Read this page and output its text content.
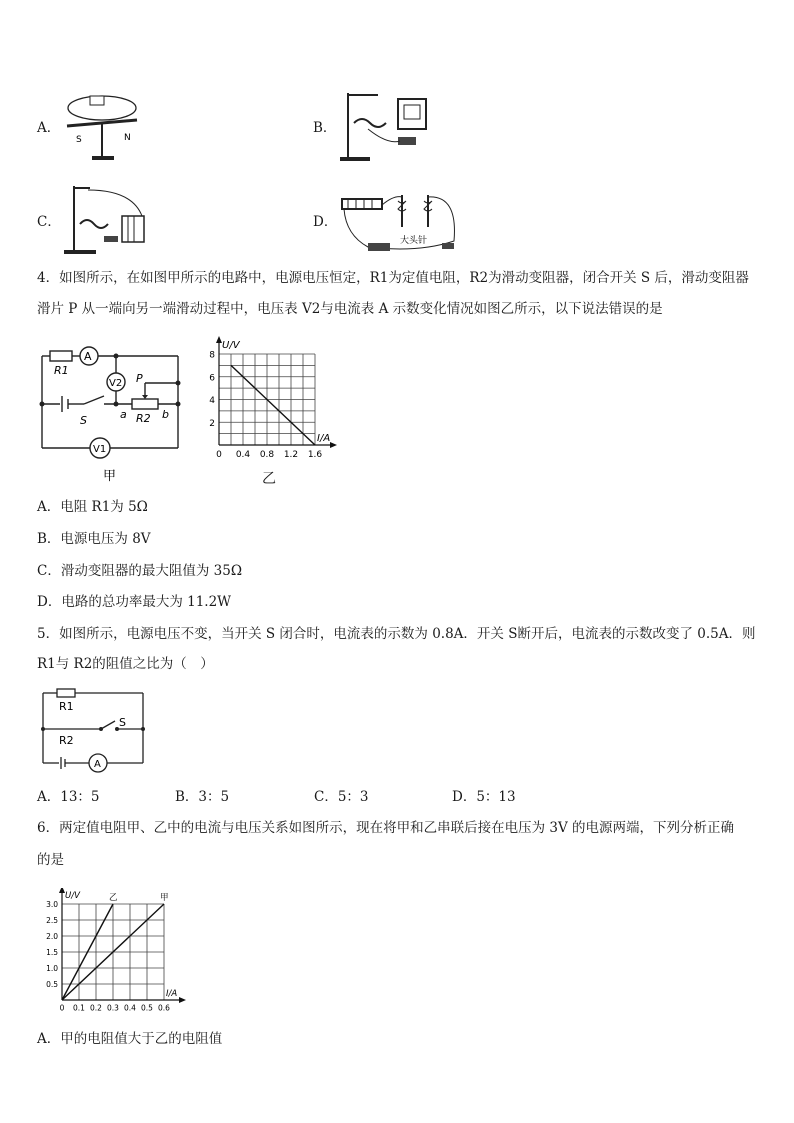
A．
S	N
B．
C．	D．
大头针
4．如图所示，在如图甲所示的电路中，电源电压恒定，R1为定值电阻，R2为滑动变阻器，闭合开关 S 后，滑动变阻器
滑片 P 从一端向另一端滑动过程中，电压表 V2与电流表 A 示数变化情况如图乙所示，以下说法错误的是
R1
A
V2 P
S	a R2 b
V1
甲
0 0.4 0.8 1.2 1.6
2
4
6
8
I/A
U/V
乙
A．电阻 R1为 5Ω
B．电源电压为 8V
C．滑动变阻器的最大阻值为 35Ω
D．电路的总功率最大为 11.2W
5．如图所示，电源电压不变，当开关 S 闭合时，电流表的示数为 0.8A．开关 S断开后，电流表的示数改变了 0.5A．则
R1与 R2的阻值之比为（　）
R1
R2
S
A
A．13：5	B．3：5	C．5：3	D．5：13
6．两定值电阻甲、乙中的电流与电压关系如图所示，现在将甲和乙串联后接在电压为 3V 的电源两端，下列分析正确
的是
0 0.1 0.2 0.3 0.4 0.5 0.6
0.5
1.0
1.5
2.0
2.5
3.0
I/A
U/V	甲
乙
A．甲的电阻值大于乙的电阻值
